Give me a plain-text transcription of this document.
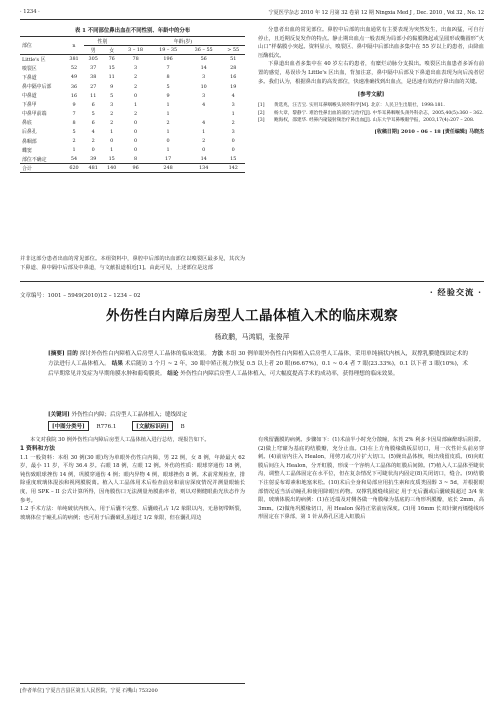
· 1234 ·	宁夏医学杂志 2010 年 12 月第 32 卷第 12 期 Ningxia Med J , Dec. 2010 , Vol 32 , No. 12
表 1 不同部位鼻出血在不同性别、年龄中的分布
部位	n	性别		年龄(岁)			
		男	女	3 – 18	19 – 35	36 – 55	> 55
Little's 区	381	305	76	78	196	56	51
嗅裂区	52	37	15	3	7	14	28
下鼻道	49	38	11	2	8	3	16
鼻中隔中后部	36	27	9	2	5	10	19
中鼻道	16	11	5	0	9	3	4
下鼻甲	9	6	3	1	1	4	3
中鼻甲前端	7	5	2	2	1		1
鼻底	8	6	2	0	2	4	2
后鼻孔	5	4	1	0	1	1	3
鼻咽部	2	2	0	0	0	2	0
蝶窦	1	0	1	0	1	0	0
部位不确定	54	39	15	8	17	14	15
合计	620	481	140	96	248	134	142
并非这部分患者出血的常见部位。本组资料中，鼻腔中后部的出血部位以嗅裂区最多见，其次为下鼻道、鼻中隔中后部及中鼻道，与文献报道相近[1]。由此可见，上述部位是这部

分患者出血的常见部位。鼻腔中后部的出血通常有主要表现为突然发生，出血凶猛，可自行停止，且近期反复发作的特点。静止期出血点一般表现为局部小的黏膜隆起或呈圆形或椭圆形“火山口”样黏膜小突起。资料显示，嗅裂区、鼻中隔中后部出血多集中在 55 岁以上的患者，由降血压酶低次。

下鼻道出血者多集中在 40 岁左右的患者，有糜烂动脉分支损出。嗅裂区出血患者多诉有前置的感觉，易误诊为 Little's 区出血，背加注意，鼻中隔中后部及下鼻道出血表现为向后流者居多。我们认为，根据鼻出血的高发部位，快速准确找到出血点，是迅速有效治疗鼻出血的关键。

[参考文献]
[1]	黄选兆，汪吉宝. 实用耳鼻咽喉头颈外科学[M]. 北京：人民卫生出版社，1998:181.
[2]	杨大章，黎静宁. 难治性鼻出血的部位与治疗[J]. 中华耳鼻咽喉头颈外科杂志，2005,40(5):360 – 362.
[3]	鲍海权，邵建华. 经鼻内窥镜射频治疗鼻出血[J]. 山东大学耳鼻喉眼学报，2003,17(4):207 – 208.
[收稿日期] 2010 – 06 – 18 [责任编辑] 马晓杰
文章编号：1001 – 5949(2010)12 – 1234 – 02	· 经验交流 ·
外伤性白内障后房型人工晶体植入术的临床观察
杨政鹏，马鸿娟，张俊萍
[摘要] 目的 探讨外伤性白内障植入后房型人工晶体的临床效果。 方法 本组 30 例单眼外伤性白内障植入后房型人工晶体，采用单纯摘状内核入，双撑乳膜缝线固定术的方法进行人工晶体植入。 结果 术后随访 3 个月 ~ 2 年，30 眼中矫正视力恢复 0.5 以上者 20 眼(66.67%)，0.1 ~ 0.4 者 7 眼(23.33%)，0.1 以下者 3 眼(10%)，术后早期常见并发症为早期角膜水肿和葡萄膜炎。 结论 外伤性白内障后房型人工晶体植入，可大幅度提高手术的成功率，获得理想的临床效果。
[关键词] 外伤性白内障；后房型人工晶体植入；缝线固定
[中图分类号] R776.1	[文献标识码] B

本文对我院 30 例外伤性白内障后房型人工晶体植入进行总结，现报告如下。

1 资料和方法

1.1 一般资料：本组 30 例(30 眼)均为单眼外伤性白内障，男 22 例，女 8 例，年龄最大 62 岁，最小 11 岁，平均 36.4 岁。右眼 18 例，左眼 12 例。外伤的性质：眼球穿通伤 18 例，钝伤致眼球挫伤 14 例，巩膜穿通伤 4 例；眼内异物 4 例，眼球挫伤 8 例。术前常规检查，排除重度玻璃体混浊和视网膜脱离。植入人工晶体用术后检查前房和前房深度情况并测量眼轴长度，用 SPK – II 公式计算所得，因角膜伤口无法测量角膜曲率者，则以对侧健眼曲光状态作为参考。

1.2 手术方法：单纯破状内核入，用于后囊不完整、后囊破孔占 1/2 象限以内，无悬韧带断裂，玻璃体位于瞳孔后的病例；也可用于后囊破孔虽超过 1/2 象限，但在囊孔周边

有残留囊膜的病例。步骤如下：(1)术前半小时充分散瞳，东莨 2% 利多卡因局部麻醉球后阻滞。(2)做上穹窿为基底的结膜瓣，充分止血。(3)在上方角膜缘做板层切口，用一次性针头前房穿刺。(4)前房内注入 Healon，用剪刀或刀片扩大切口。(5)娩出晶体核，吸出残留皮质。(6)向虹膜后间注入 Healon，分开虹膜，形成一个容纳人工晶体的虹膜后间隙。(7)植入人工晶体至睫状沟，调整人工晶体固定在水平位，但在复杂情况下可睫状沟内固定(8)关闭切口，缝合。(9)结膜下注射妥布霉素和地塞米松。(10)术后全身和局部应用抗生素和皮质类固醇 3 ~ 5d，并根据眼部情况适当活动瞳孔和使用降眼压药物。双撑乳膜缝线固定 用于无后囊或后囊破损超过 3/4 象限，玻璃体脱出的病例：(1)在近端及对侧各做一角膜缘为基底的三角形巩膜瓣，底长 2mm，高 3mm。(2)做角巩膜缘切口，用 Healon 保持正常前房深度。(3)用 16mm 长双针聚丙烯缝线环形固定在下鼻部，第 1 针从鼻孔区进入虹膜后
[作者单位] 宁夏吉吉县区第五人民医院，宁夏 石嘴山 753200
